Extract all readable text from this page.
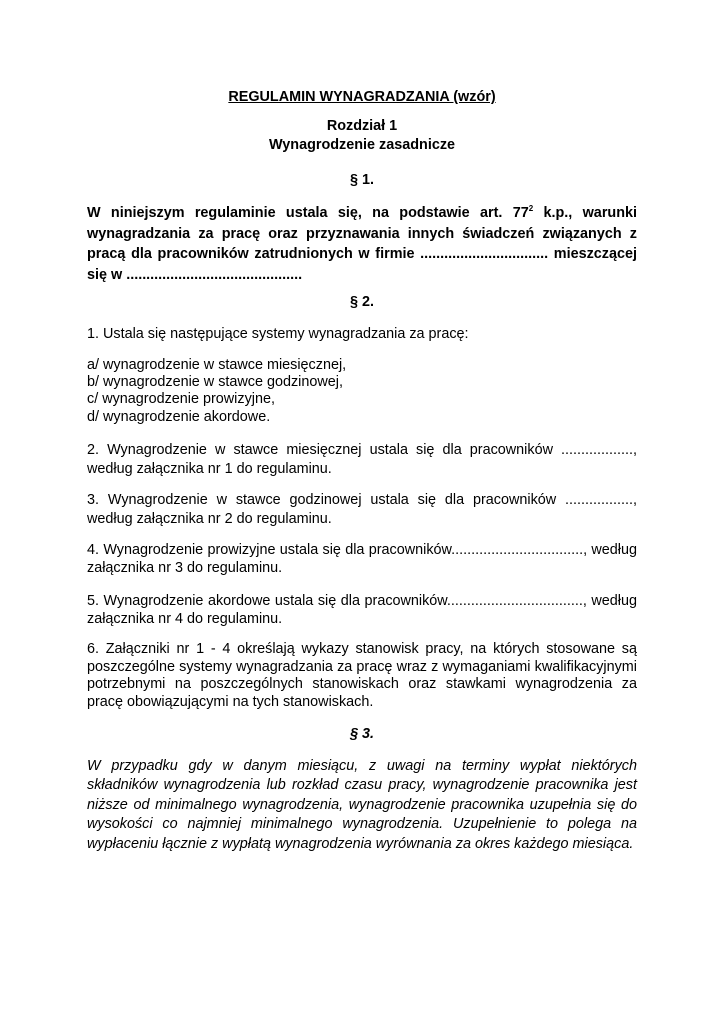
REGULAMIN WYNAGRADZANIA (wzór)
Rozdział 1
Wynagrodzenie zasadnicze
§ 1.
W niniejszym regulaminie ustala się, na podstawie art. $77^2$ k.p., warunki wynagradzania za pracę oraz przyznawania innych świadczeń związanych z pracą dla pracowników zatrudnionych w firmie ................................ mieszczącej się w ............................................
§ 2.
1. Ustala się następujące systemy wynagradzania za pracę:
a/ wynagrodzenie w stawce miesięcznej,
b/ wynagrodzenie w stawce godzinowej,
c/ wynagrodzenie prowizyjne,
d/ wynagrodzenie akordowe.
2. Wynagrodzenie w stawce miesięcznej ustala się dla pracowników .................., według załącznika nr 1 do regulaminu.
3. Wynagrodzenie w stawce godzinowej ustala się dla pracowników ................., według załącznika nr 2 do regulaminu.
4. Wynagrodzenie prowizyjne ustala się dla pracowników................................., według załącznika nr 3 do regulaminu.
5. Wynagrodzenie akordowe ustala się dla pracowników.................................., według załącznika nr 4 do regulaminu.
6. Załączniki nr 1 - 4 określają wykazy stanowisk pracy, na których stosowane są poszczególne systemy wynagradzania za pracę wraz z wymaganiami kwalifikacyjnymi potrzebnymi na poszczególnych stanowiskach oraz stawkami wynagrodzenia za pracę obowiązującymi na tych stanowiskach.
§ 3.
W przypadku gdy w danym miesiącu, z uwagi na terminy wypłat niektórych składników wynagrodzenia lub rozkład czasu pracy, wynagrodzenie pracownika jest niższe od minimalnego wynagrodzenia, wynagrodzenie pracownika uzupełnia się do wysokości co najmniej minimalnego wynagrodzenia. Uzupełnienie to polega na wypłaceniu łącznie z wypłatą wynagrodzenia wyrównania za okres każdego miesiąca.
